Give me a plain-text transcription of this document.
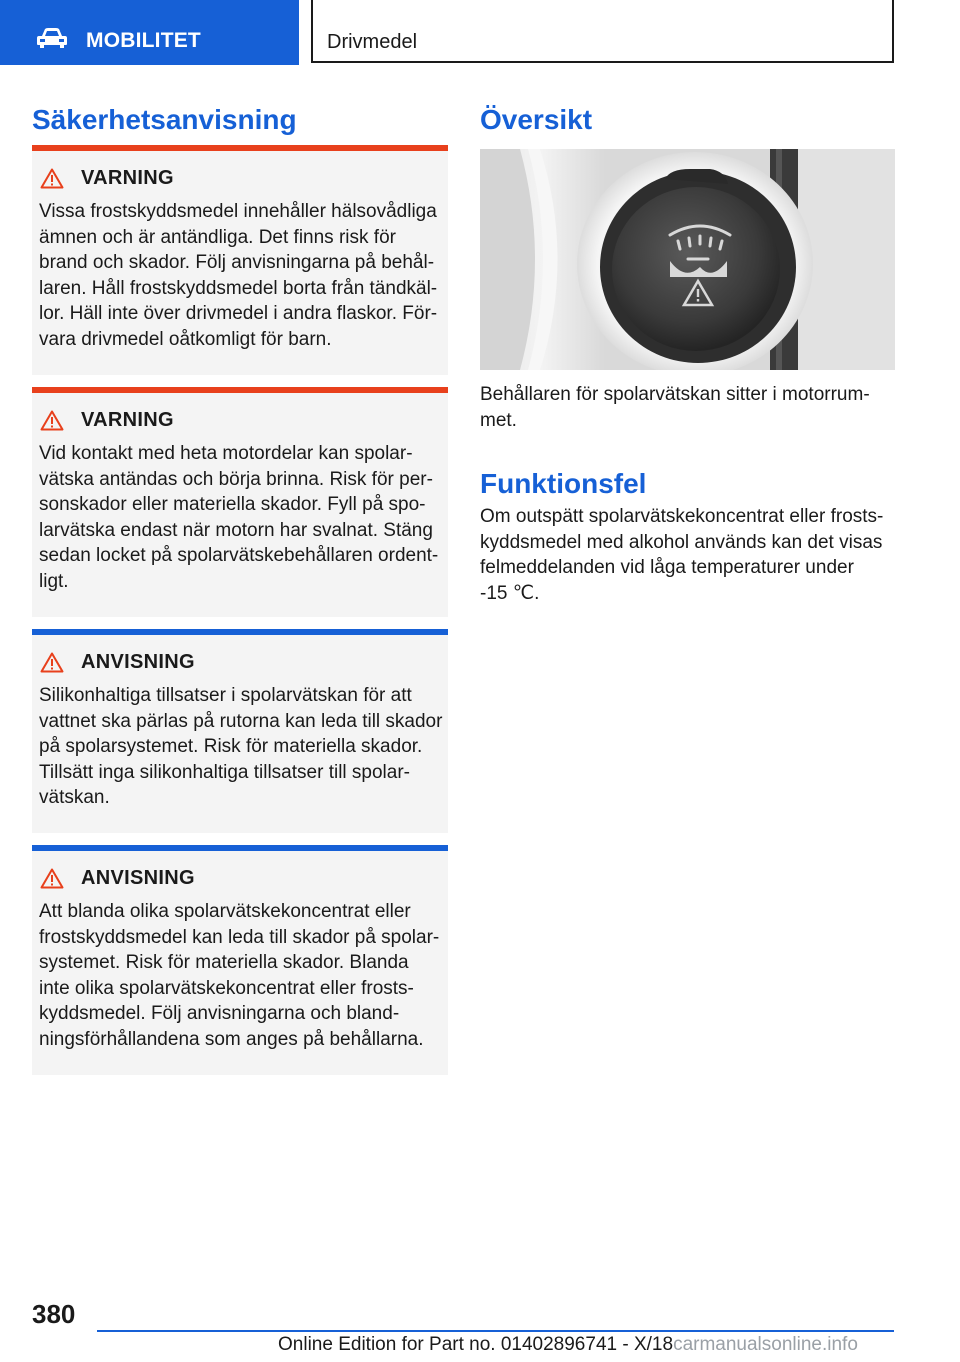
MOBILITET	Drivmedel
Säkerhetsanvisning
VARNING
Vissa frostskyddsmedel innehåller hälsovådliga
ämnen och är antändliga. Det finns risk för
brand och skador. Följ anvisningarna på behål-
laren. Håll frostskyddsmedel borta från tändkäl-
lor. Häll inte över drivmedel i andra flaskor. För-
vara drivmedel oåtkomligt för barn.
VARNING
Vid kontakt med heta motordelar kan spolar-
vätska antändas och börja brinna. Risk för per-
sonskador eller materiella skador. Fyll på spo-
larvätska endast när motorn har svalnat. Stäng
sedan locket på spolarvätskebehållaren ordent-
ligt.
ANVISNING
Silikonhaltiga tillsatser i spolarvätskan för att
vattnet ska pärlas på rutorna kan leda till skador
på spolarsystemet. Risk för materiella skador.
Tillsätt inga silikonhaltiga tillsatser till spolar-
vätskan.
ANVISNING
Att blanda olika spolarvätskekoncentrat eller
frostskyddsmedel kan leda till skador på spolar-
systemet. Risk för materiella skador. Blanda
inte olika spolarvätskekoncentrat eller frosts-
kyddsmedel. Följ anvisningarna och bland-
ningsförhållandena som anges på behållarna.
Översikt
Behållaren för spolarvätskan sitter i motorrum-
met.
Funktionsfel
Om outspätt spolarvätskekoncentrat eller frosts-
kyddsmedel med alkohol används kan det visas
felmeddelanden vid låga temperaturer under
-15 ℃.
380
Online Edition for Part no. 01402896741 - X/18carmanualsonline.info
